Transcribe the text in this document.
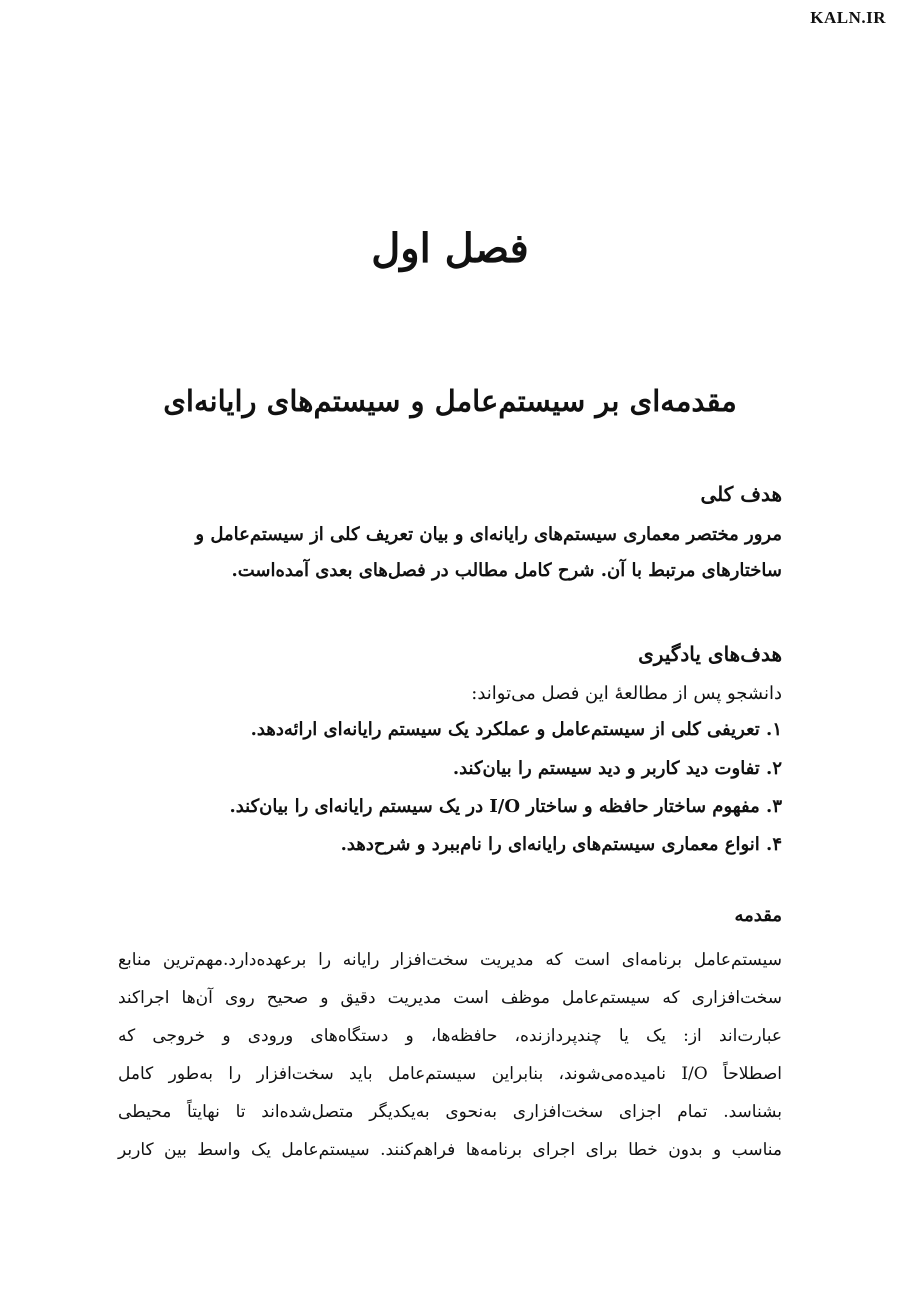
KALN.IR
فصل اول
مقدمه‌ای بر سیستم‌عامل و سیستم‌های رایانه‌ای
هدف کلی
مرور مختصر معماری سیستم‌های رایانه‌ای و بیان تعریف کلی از سیستم‌عامل و
ساختارهای مرتبط با آن. شرح کامل مطالب در فصل‌های بعدی آمده‌است.
هدف‌های یادگیری
دانشجو پس از مطالعهٔ این فصل می‌تواند:
۱. تعریفی کلی از سیستم‌عامل و عملکرد یک سیستم رایانه‌ای ارائه‌دهد.
۲. تفاوت دید کاربر و دید سیستم را بیان‌کند.
۳. مفهوم ساختار حافظه و ساختار I/O در یک سیستم رایانه‌ای را بیان‌کند.
۴. انواع معماری سیستم‌های رایانه‌ای را نام‌ببرد و شرح‌دهد.
مقدمه
سیستم‌عامل برنامه‌ای است که مدیریت سخت‌افزار رایانه را برعهده‌دارد.مهم‌ترین منابع
سخت‌افزاری که سیستم‌عامل موظف است مدیریت دقیق و صحیح روی آن‌ها اجراکند
عبارت‌اند از: یک یا چندپردازنده، حافظه‌ها، و دستگاه‌های ورودی و خروجی که
اصطلاحاً I/O نامیده‌می‌شوند، بنابراین سیستم‌عامل باید سخت‌افزار را به‌طور کامل
بشناسد. تمام اجزای سخت‌افزاری به‌نحوی به‌یکدیگر متصل‌شده‌اند تا نهایتاً محیطی
مناسب و بدون خطا برای اجرای برنامه‌ها فراهم‌کنند. سیستم‌عامل یک واسط بین کاربر
